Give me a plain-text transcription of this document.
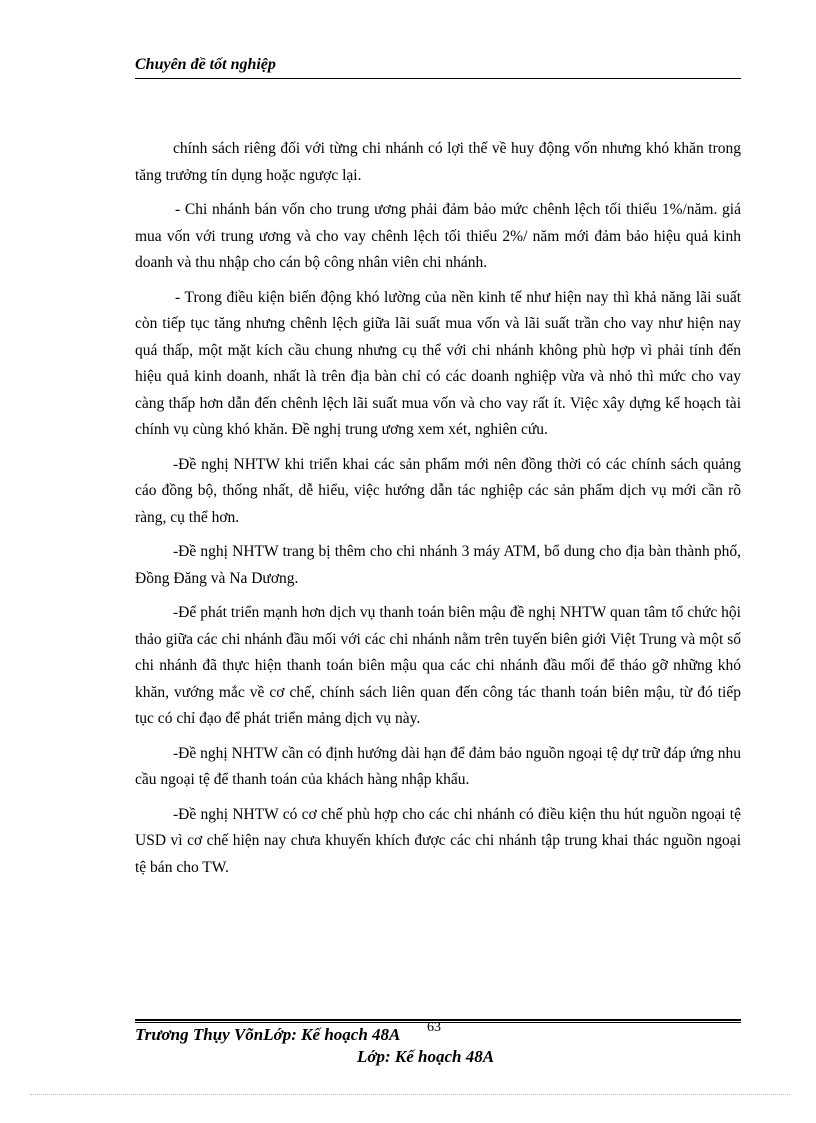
Chuyên đề tốt nghiệp

chính sách riêng đối với từng chi nhánh có lợi thế về huy động vốn nhưng khó khăn trong tăng trưởng tín dụng hoặc ngược lại.

- Chi nhánh bán vốn cho trung ương phải đảm bảo mức chênh lệch tối thiểu 1%/năm. giá mua vốn với trung ương và cho vay chênh lệch tối thiểu 2%/ năm mới đảm bảo hiệu quả kinh doanh và thu nhập cho cán bộ công nhân viên chi nhánh.

- Trong điều kiện biến động khó lường của nền kinh tế như hiện nay thì khả năng lãi suất còn tiếp tục tăng nhưng chênh lệch giữa lãi suất mua vốn và lãi suất trần cho vay như hiện nay quá thấp, một mặt kích cầu chung nhưng cụ thể với chi nhánh không phù hợp vì phải tính đến hiệu quả kinh doanh, nhất là trên địa bàn chỉ có các doanh nghiệp vừa và nhỏ thì mức cho vay càng thấp hơn dẫn đến chênh lệch lãi suất mua vốn và cho vay rất ít. Việc xây dựng kế hoạch tài chính vụ cùng khó khăn. Đề nghị trung ương xem xét, nghiên cứu.

-Đề nghị NHTW khi triển khai các sản phẩm mới nên đồng thời có các chính sách quảng cáo đồng bộ, thống nhất, dễ hiểu, việc hướng dẫn tác nghiệp các sản phẩm dịch vụ mới cần rõ ràng, cụ thể hơn.

-Đề nghị NHTW trang bị thêm cho chi nhánh 3 máy ATM, bổ dung cho địa bàn thành phố, Đồng Đăng và Na Dương.

-Để phát triển mạnh hơn dịch vụ thanh toán biên mậu đề nghị NHTW quan tâm tổ chức hội thảo giữa các chi nhánh đầu mối với các chi nhánh nằm trên tuyến biên giới Việt Trung và một số chi nhánh đã thực hiện thanh toán biên mậu qua các chi nhánh đầu mối để tháo gỡ những khó khăn, vướng mắc về cơ chế, chính sách liên quan đến công tác thanh toán biên mậu, từ đó tiếp tục có chỉ đạo để phát triển mảng dịch vụ này.

-Đề nghị NHTW cần có định hướng dài hạn để đảm bảo nguồn ngoại tệ dự trữ đáp ứng nhu cầu ngoại tệ để thanh toán của khách hàng nhập khẩu.

-Đề nghị NHTW có cơ chế phù hợp cho các chi nhánh có điều kiện thu hút nguồn ngoại tệ USD vì cơ chế hiện nay chưa khuyến khích được các chi nhánh tập trung khai thác nguồn ngoại tệ bán cho TW.

Trương Thụy VõnLớp: Kế hoạch 48A 63
Lớp: Kế hoạch 48A
